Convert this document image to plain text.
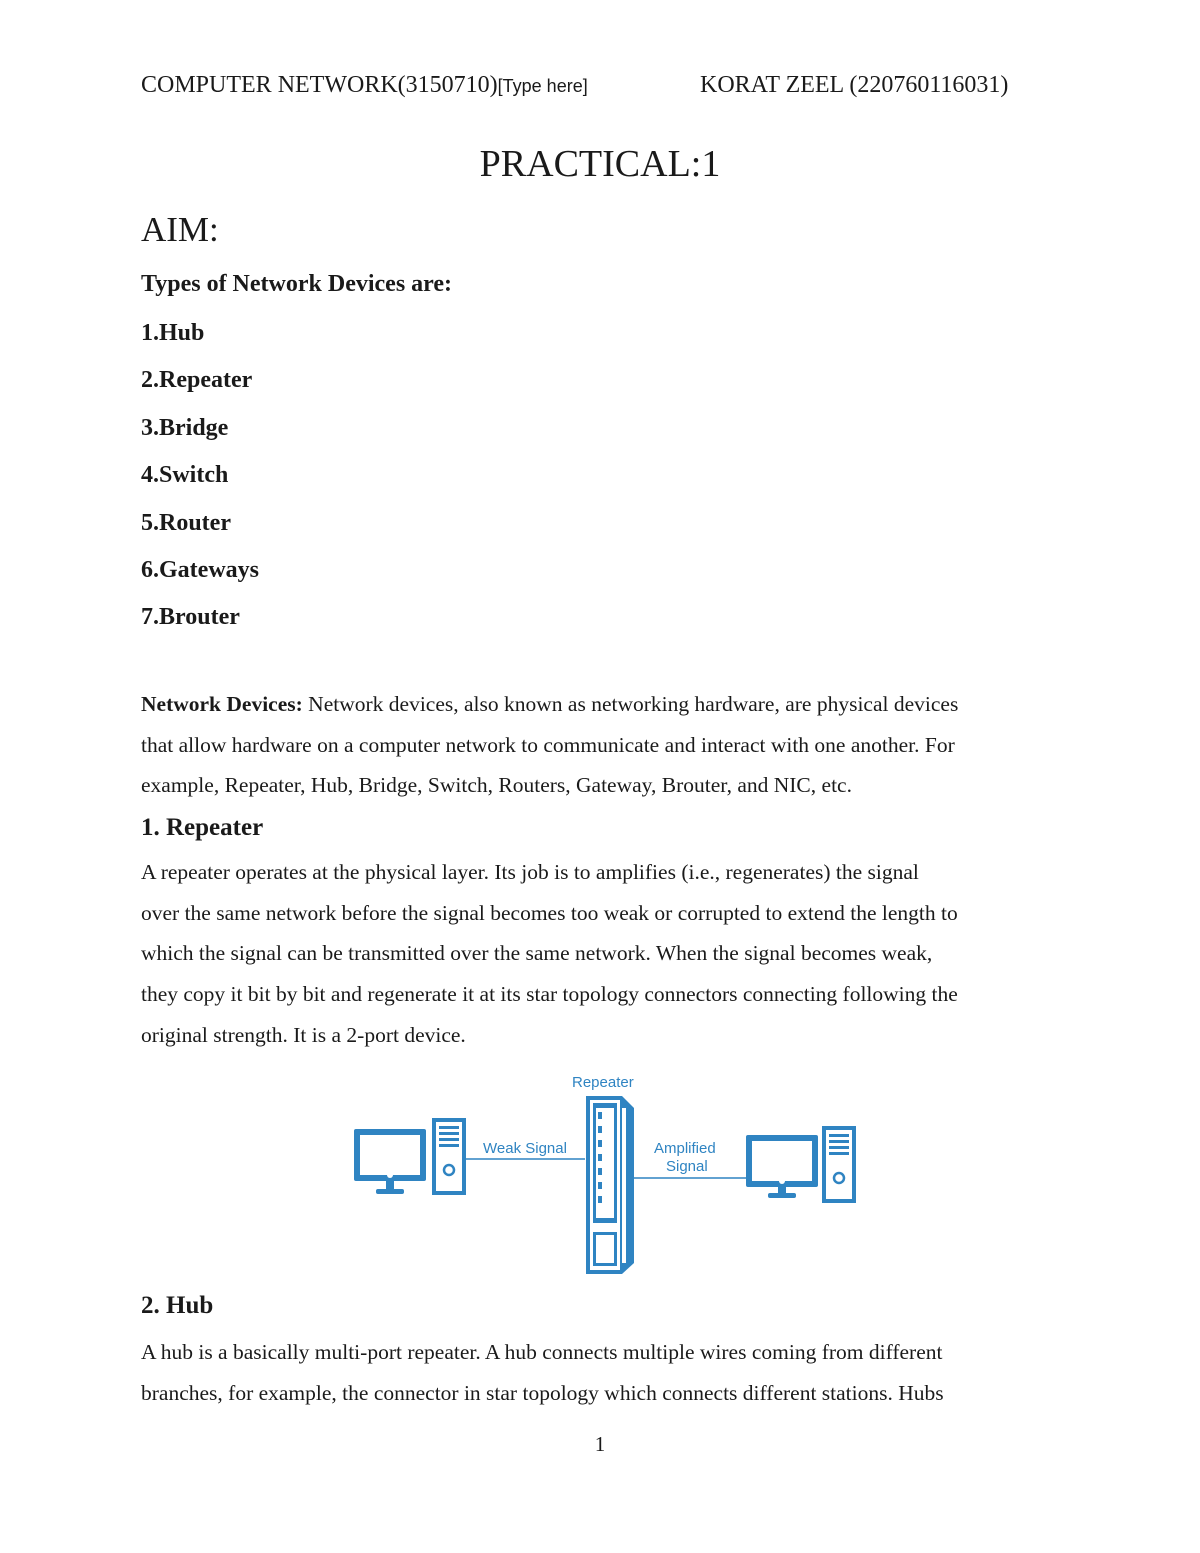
COMPUTER NETWORK(3150710)[Type here]	KORAT ZEEL (220760116031)
PRACTICAL:1
AIM:
Types of Network Devices are:
1.Hub
2.Repeater
3.Bridge
4.Switch
5.Router
6.Gateways
7.Brouter
Network Devices: Network devices, also known as networking hardware, are physical devices
that allow hardware on a computer network to communicate and interact with one another. For
example, Repeater, Hub, Bridge, Switch, Routers, Gateway, Brouter, and NIC, etc.
1. Repeater
A repeater operates at the physical layer. Its job is to amplifies (i.e., regenerates) the signal
over the same network before the signal becomes too weak or corrupted to extend the length to
which the signal can be transmitted over the same network. When the signal becomes weak,
they copy it bit by bit and regenerate it at its star topology connectors connecting following the
original strength. It is a 2-port device.
Weak Signal
Repeater
Amplified
Signal
2. Hub
A hub is a basically multi-port repeater. A hub connects multiple wires coming from different
branches, for example, the connector in star topology which connects different stations. Hubs
1
